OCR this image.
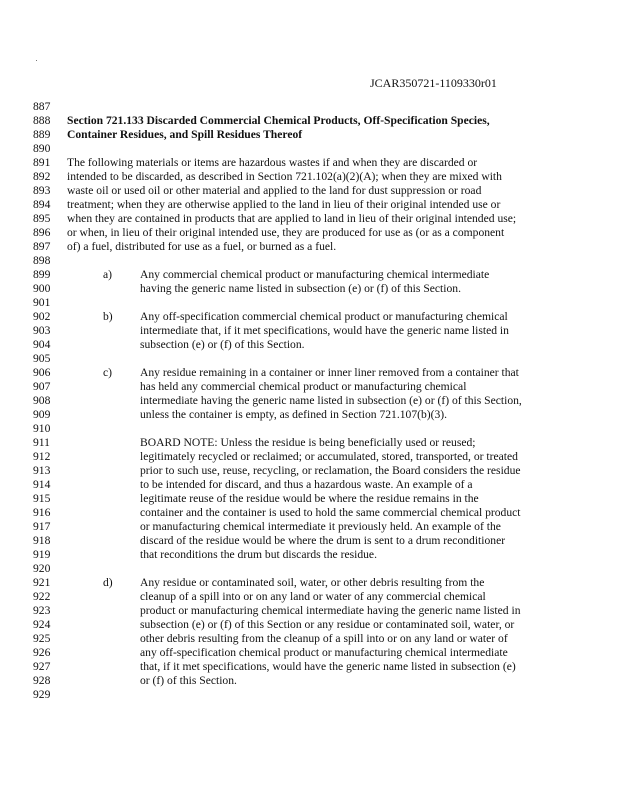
JCAR350721-1109330r01
887
888 Section 721.133 Discarded Commercial Chemical Products, Off-Specification Species,
889 Container Residues, and Spill Residues Thereof
890
891 The following materials or items are hazardous wastes if and when they are discarded or
892 intended to be discarded, as described in Section 721.102(a)(2)(A); when they are mixed with
893 waste oil or used oil or other material and applied to the land for dust suppression or road
894 treatment; when they are otherwise applied to the land in lieu of their original intended use or
895 when they are contained in products that are applied to land in lieu of their original intended use;
896 or when, in lieu of their original intended use, they are produced for use as (or as a component
897 of) a fuel, distributed for use as a fuel, or burned as a fuel.
898
899	a) Any commercial chemical product or manufacturing chemical intermediate
900	having the generic name listed in subsection (e) or (f) of this Section.
901
902	b) Any off-specification commercial chemical product or manufacturing chemical
903	intermediate that, if it met specifications, would have the generic name listed in
904	subsection (e) or (f) of this Section.
905
906	c) Any residue remaining in a container or inner liner removed from a container that
907	has held any commercial chemical product or manufacturing chemical
908	intermediate having the generic name listed in subsection (e) or (f) of this Section,
909	unless the container is empty, as defined in Section 721.107(b)(3).
910
911	BOARD NOTE: Unless the residue is being beneficially used or reused;
912	legitimately recycled or reclaimed; or accumulated, stored, transported, or treated
913	prior to such use, reuse, recycling, or reclamation, the Board considers the residue
914	to be intended for discard, and thus a hazardous waste. An example of a
915	legitimate reuse of the residue would be where the residue remains in the
916	container and the container is used to hold the same commercial chemical product
917	or manufacturing chemical intermediate it previously held. An example of the
918	discard of the residue would be where the drum is sent to a drum reconditioner
919	that reconditions the drum but discards the residue.
920
921	d) Any residue or contaminated soil, water, or other debris resulting from the
922	cleanup of a spill into or on any land or water of any commercial chemical
923	product or manufacturing chemical intermediate having the generic name listed in
924	subsection (e) or (f) of this Section or any residue or contaminated soil, water, or
925	other debris resulting from the cleanup of a spill into or on any land or water of
926	any off-specification chemical product or manufacturing chemical intermediate
927	that, if it met specifications, would have the generic name listed in subsection (e)
928	or (f) of this Section.
929
